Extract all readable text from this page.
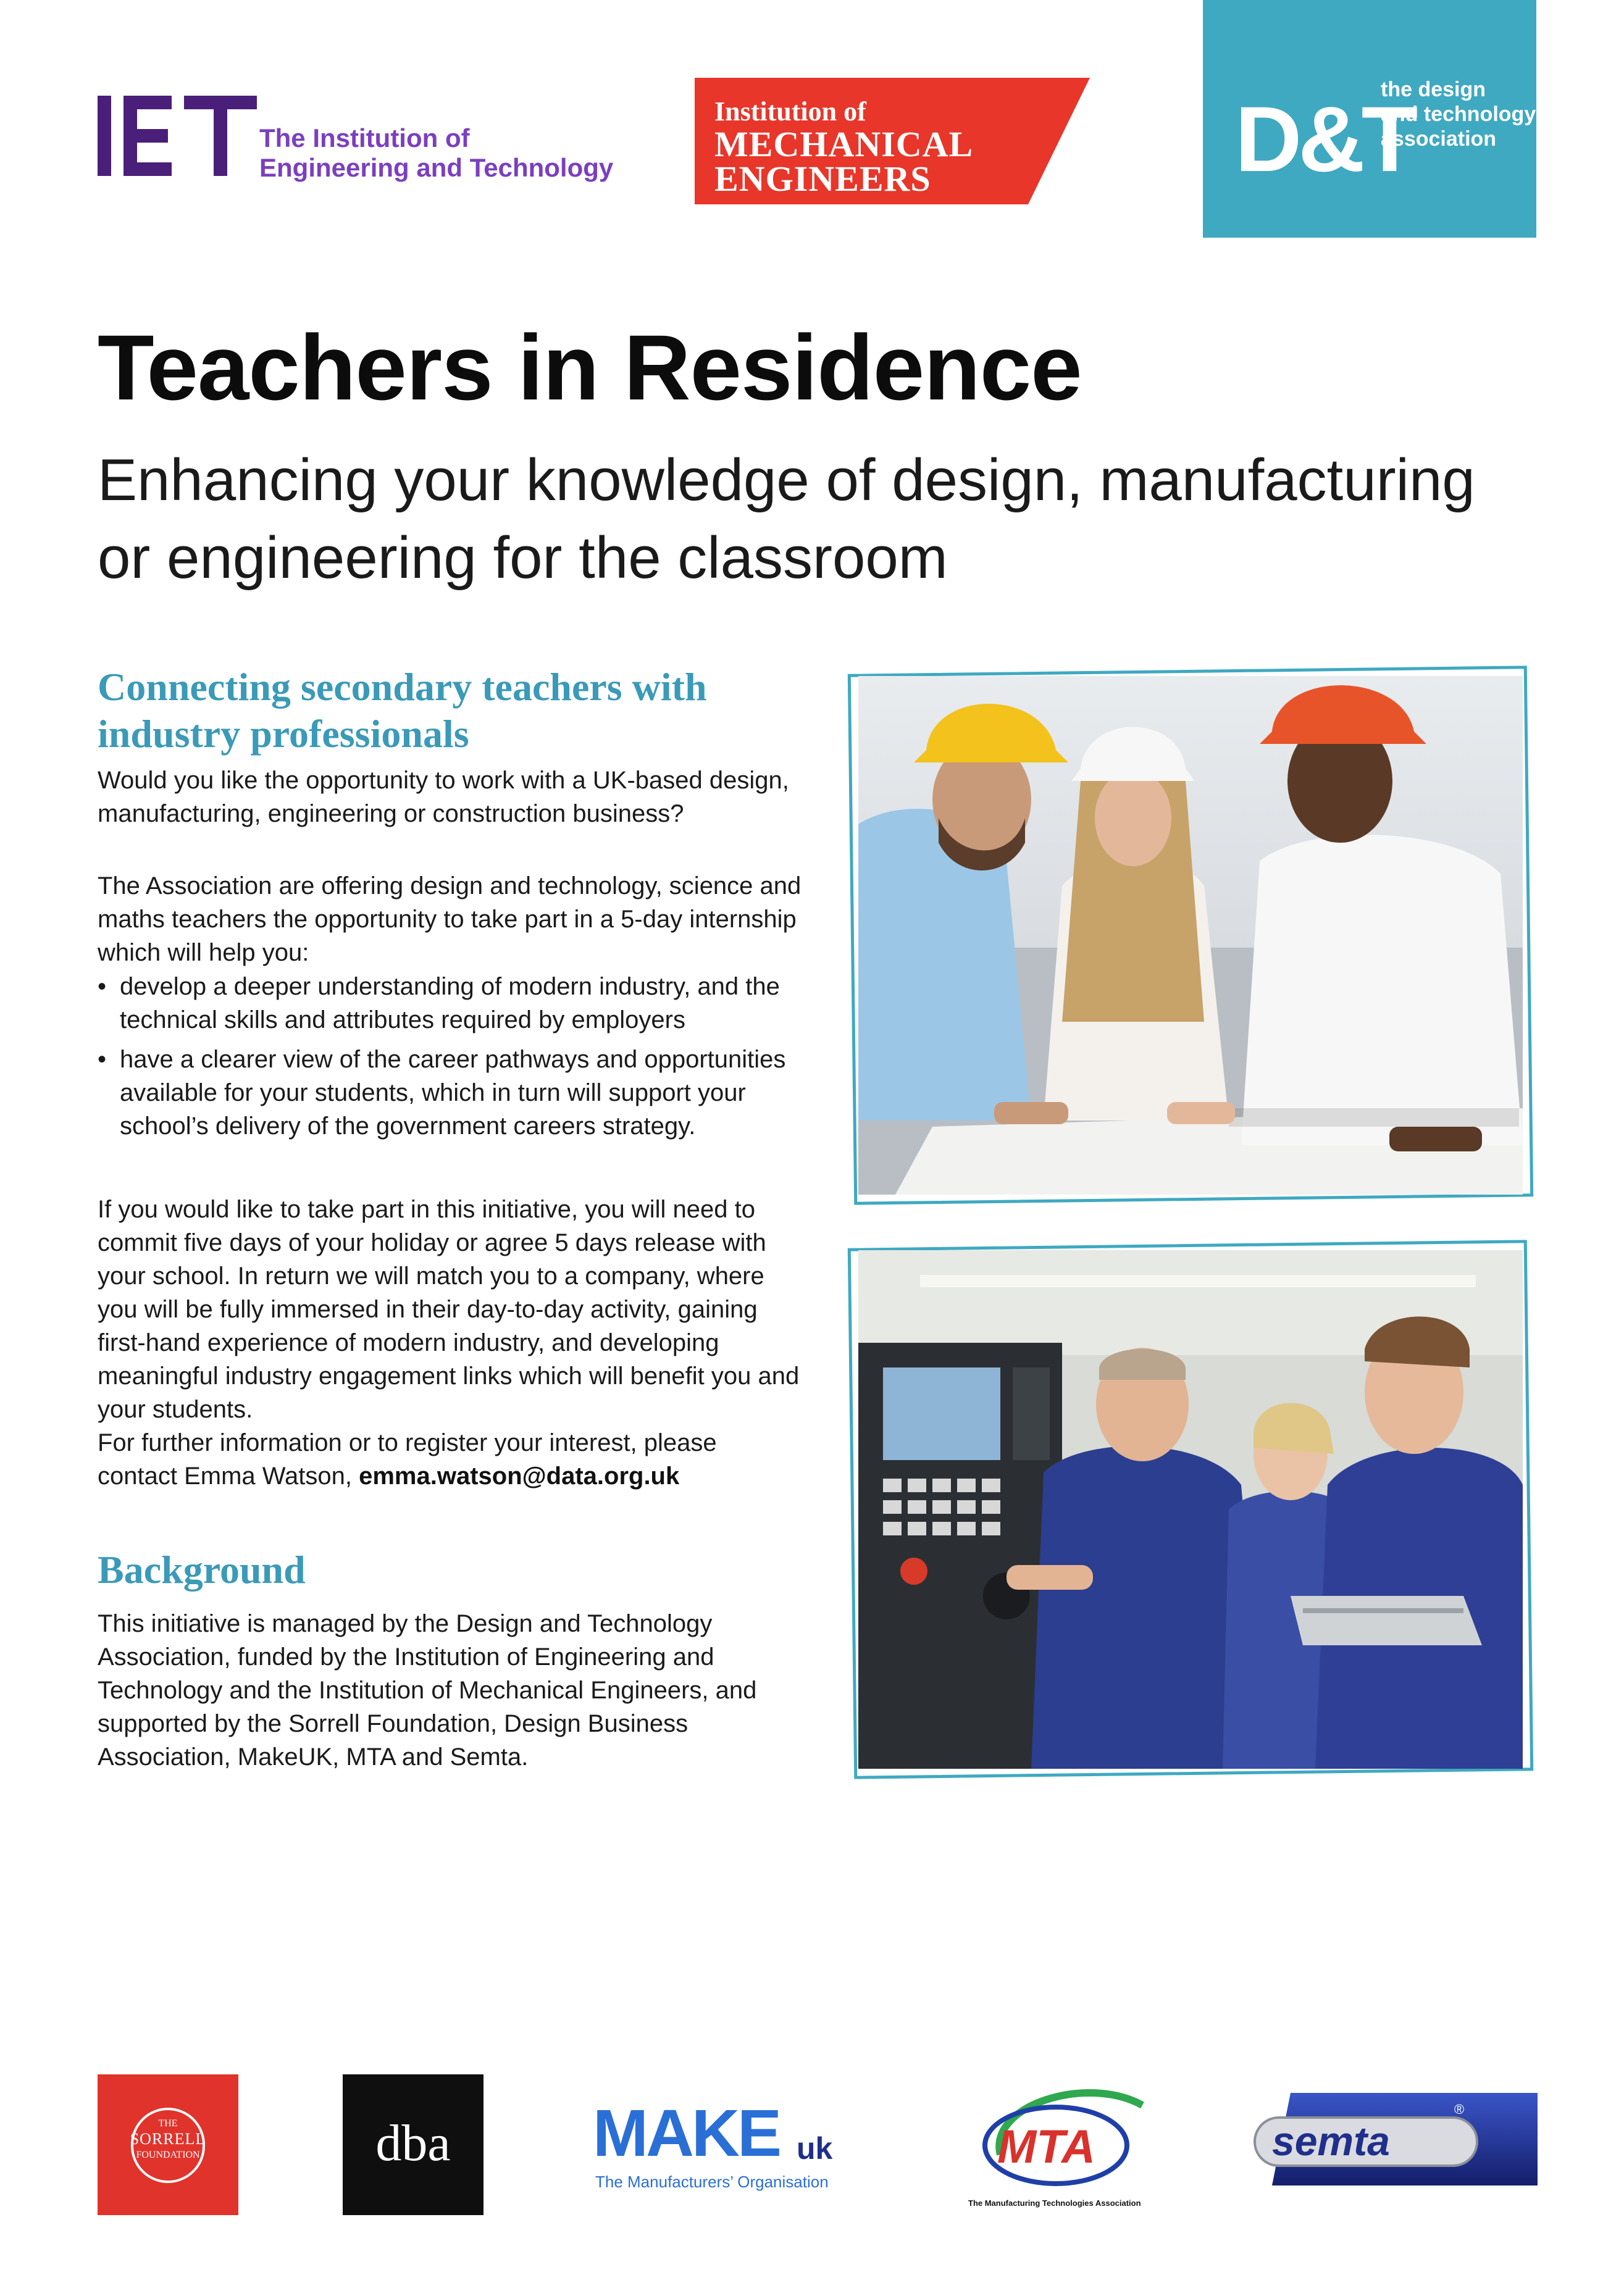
The Institution of
Engineering and Technology
Institution of
MECHANICAL
ENGINEERS	D&T
the design
and technology
association
Teachers in Residence
Enhancing your knowledge of design, manufacturing or engineering for the classroom
Connecting secondary teachers with industry professionals

Would you like the opportunity to work with a UK-based design, manufacturing, engineering or construction business?

The Association are offering design and technology, science and maths teachers the opportunity to take part in a 5-day internship which will help you:

• develop a deeper understanding of modern industry, and the technical skills and attributes required by employers
• have a clearer view of the career pathways and opportunities available for your students, which in turn will support your school’s delivery of the government careers strategy.

If you would like to take part in this initiative, you will need to commit five days of your holiday or agree 5 days release with your school. In return we will match you to a company, where you will be fully immersed in their day-to-day activity, gaining first-hand experience of modern industry, and developing meaningful industry engagement links which will benefit you and your students.

For further information or to register your interest, please contact Emma Watson, emma.watson@data.org.uk

Background

This initiative is managed by the Design and Technology Association, funded by the Institution of Engineering and Technology and the Institution of Mechanical Engineers, and supported by the Sorrell Foundation, Design Business Association, MakeUK, MTA and Semta.

THE
SORRELL
FOUNDATION	dba	MAKE uk
The Manufacturers’ Organisation
MTA
The Manufacturing Technologies Association
semta
®
